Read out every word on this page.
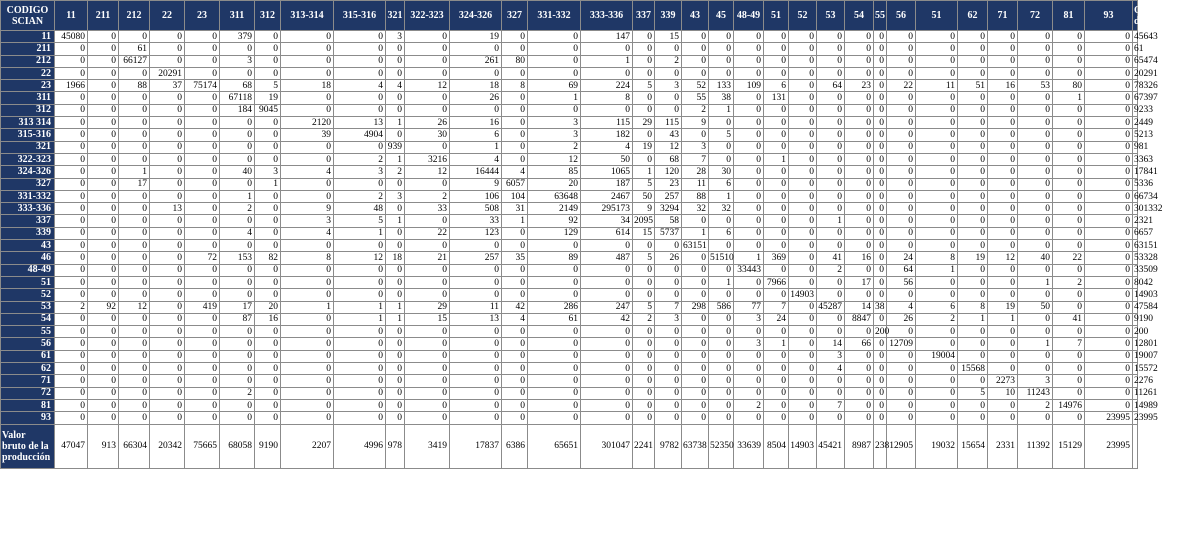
CODIGO SCIAN	11	211	212	22	23	311	312	313-314	315-316	321	322-323	324-326	327	331-332	333-336	337	339	43	45	48-49	51	52	53	54	55	56	51	62	71	72	81	93	Oferta domestica
11	45080	0	0	0	0	379	0	0	0	3	0	19	0	0	147	0	15	0	0	0	0	0	0	0	0	0	0	0	0	0	0	0	45643
211	0	0	61	0	0	0	0	0	0	0	0	0	0	0	0	0	0	0	0	0	0	0	0	0	0	0	0	0	0	0	0	0	61
212	0	0	66127	0	0	3	0	0	0	0	0	261	80	0	1	0	2	0	0	0	0	0	0	0	0	0	0	0	0	0	0	0	65474
22	0	0	0	20291	0	0	0	0	0	0	0	0	0	0	0	0	0	0	0	0	0	0	0	0	0	0	0	0	0	0	0	0	20291
23	1966	0	88	37	75174	68	5	18	4	4	12	18	8	69	224	5	3	52	133	109	6	0	64	23	0	22	11	51	16	53	80	0	78326
311	0	0	0	0	0	67118	19	0	0	0	0	26	0	1	8	0	0	55	38	0	131	0	0	0	0	0	0	0	0	0	1	0	67397
312	0	0	0	0	0	184	9045	0	0	0	0	0	0	0	0	0	0	2	1	0	0	0	0	0	0	0	0	0	0	0	0	0	9233
313 314	0	0	0	0	0	0	0	2120	13	1	26	16	0	3	115	29	115	9	0	0	0	0	0	0	0	0	0	0	0	0	0	0	2449
315-316	0	0	0	0	0	0	0	39	4904	0	30	6	0	3	182	0	43	0	5	0	0	0	0	0	0	0	0	0	0	0	0	0	5213
321	0	0	0	0	0	0	0	0	0	939	0	1	0	2	4	19	12	3	0	0	0	0	0	0	0	0	0	0	0	0	0	0	981
322-323	0	0	0	0	0	0	0	0	2	1	3216	4	0	12	50	0	68	7	0	0	1	0	0	0	0	0	0	0	0	0	0	0	3363
324-326	0	0	1	0	0	40	3	4	3	2	12	16444	4	85	1065	1	120	28	30	0	0	0	0	0	0	0	0	0	0	0	0	0	17841
327	0	0	17	0	0	0	1	0	0	0	0	9	6057	20	187	5	23	11	6	0	0	0	0	0	0	0	0	0	0	0	0	0	5336
331-332	0	0	0	0	0	1	0	0	2	3	2	106	104	63648	2467	50	257	88	1	0	0	0	0	0	0	0	0	0	0	0	0	0	66734
333-336	0	0	0	13	0	2	0	9	48	0	33	508	31	2149	295173	9	3294	32	32	0	0	0	0	0	0	0	0	0	0	0	0	0	301332
337	0	0	0	0	0	0	0	3	5	1	0	33	1	92	34	2095	58	0	0	0	0	0	1	0	0	0	0	0	0	0	0	0	2321
339	0	0	0	0	0	4	0	4	1	0	22	123	0	129	614	15	5737	1	6	0	0	0	0	0	0	0	0	0	0	0	0	0	6657
43	0	0	0	0	0	0	0	0	0	0	0	0	0	0	0	0	0	63151	0	0	0	0	0	0	0	0	0	0	0	0	0	0	63151
46	0	0	0	0	72	153	82	8	12	18	21	257	35	89	487	5	26	0	51510	1	369	0	41	16	0	24	8	19	12	40	22	0	53328
48-49	0	0	0	0	0	0	0	0	0	0	0	0	0	0	0	0	0	0	0	33443	0	0	2	0	0	64	1	0	0	0	0	0	33509
51	0	0	0	0	0	0	0	0	0	0	0	0	0	0	0	0	0	0	1	0	7966	0	0	17	0	56	0	0	0	1	2	0	8042
52	0	0	0	0	0	0	0	0	0	0	0	0	0	0	0	0	0	0	0	0	0	14903	0	0	0	0	0	0	0	0	0	0	14903
53	2	92	12	0	419	17	20	1	1	1	29	11	42	286	247	5	7	298	586	77	7	0	45287	14	38	4	6	8	19	50	0	0	47584
54	0	0	0	0	0	87	16	0	1	1	15	13	4	61	42	2	3	0	0	3	24	0	0	8847	0	26	2	1	1	0	41	0	9190
55	0	0	0	0	0	0	0	0	0	0	0	0	0	0	0	0	0	0	0	0	0	0	0	0	200	0	0	0	0	0	0	0	200
56	0	0	0	0	0	0	0	0	0	0	0	0	0	0	0	0	0	0	0	3	1	0	14	66	0	12709	0	0	0	1	7	0	12801
61	0	0	0	0	0	0	0	0	0	0	0	0	0	0	0	0	0	0	0	0	0	0	3	0	0	0	19004	0	0	0	0	0	19007
62	0	0	0	0	0	0	0	0	0	0	0	0	0	0	0	0	0	0	0	0	0	0	4	0	0	0	0	15568	0	0	0	0	15572
71	0	0	0	0	0	0	0	0	0	0	0	0	0	0	0	0	0	0	0	0	0	0	0	0	0	0	0	0	2273	3	0	0	2276
72	0	0	0	0	0	2	0	0	0	0	0	0	0	0	0	0	0	0	0	0	0	0	0	0	0	0	0	5	10	11243	0	0	11261
81	0	0	0	0	0	0	0	0	0	0	0	0	0	0	0	0	0	0	0	2	0	0	7	0	0	0	0	0	0	2	14976	0	14989
93	0	0	0	0	0	0	0	0	0	0	0	0	0	0	0	0	0	0	0	0	0	0	0	0	0	0	0	0	0	0	0	23995	23995
Valor bruto de la producción	47047	913	66304	20342	75665	68058	9190	2207	4996	978	3419	17837	6386	65651	301047	2241	9782	63738	52350	33639	8504	14903	45421	8987	238	12905	19032	15654	2331	11392	15129	23995	
